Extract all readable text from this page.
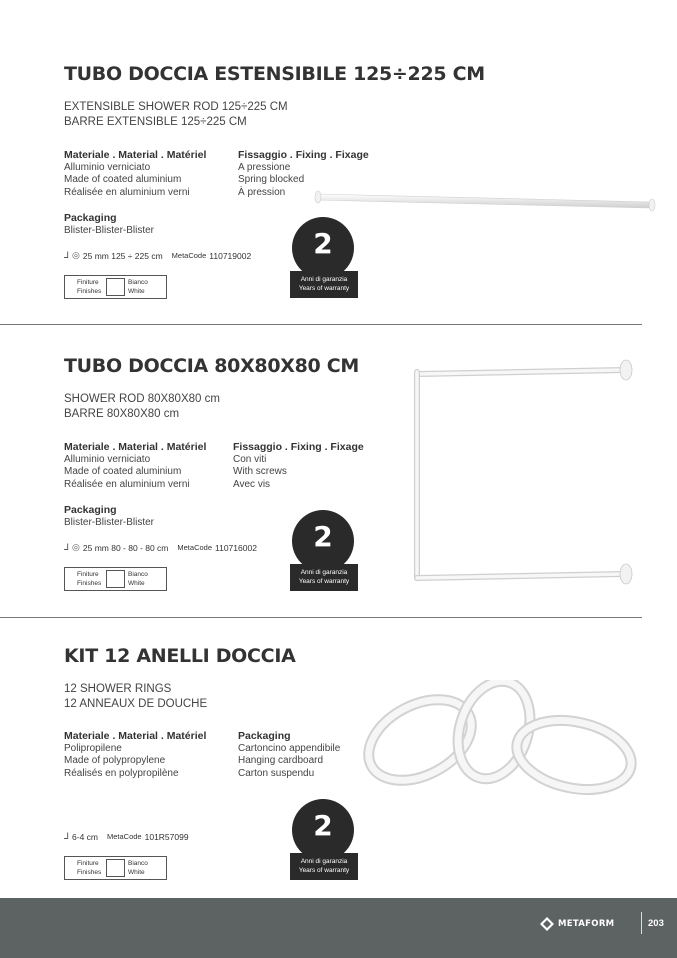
TUBO DOCCIA ESTENSIBILE 125÷225 CM
EXTENSIBLE SHOWER ROD 125÷225 CM
BARRE EXTENSIBLE 125÷225 CM
Materiale . Material . Matériel
Alluminio verniciato
Made of coated aluminium
Réalisée en aluminium verni
Fissaggio . Fixing . Fixage
A pressione
Spring blocked
À pression
Packaging
Blister-Blister-Blister
⅃ ◎ 25 mm 125 ÷ 225 cm MetaCode 110719002
Finiture
Finishes
Bianco
White
2
Anni di garanzia
Years of warranty
TUBO DOCCIA 80X80X80 CM
SHOWER ROD 80X80X80 cm
BARRE 80X80X80 cm
Materiale . Material . Matériel
Alluminio verniciato
Made of coated aluminium
Réalisée en aluminium verni
Fissaggio . Fixing . Fixage
Con viti
With screws
Avec vis
Packaging
Blister-Blister-Blister
⅃ ◎ 25 mm 80 - 80 - 80 cm MetaCode 110716002
Finiture
Finishes
Bianco
White
2
Anni di garanzia
Years of warranty
KIT 12 ANELLI DOCCIA
12 SHOWER RINGS
12 ANNEAUX DE DOUCHE
Materiale . Material . Matériel
Polipropilene
Made of polypropylene
Réalisés en polypropilène
Packaging
Cartoncino appendibile
Hanging cardboard
Carton suspendu
⅃ 6-4 cm MetaCode 101R57099
Finiture
Finishes
Bianco
White
2
Anni di garanzia
Years of warranty
METAFORM	203
